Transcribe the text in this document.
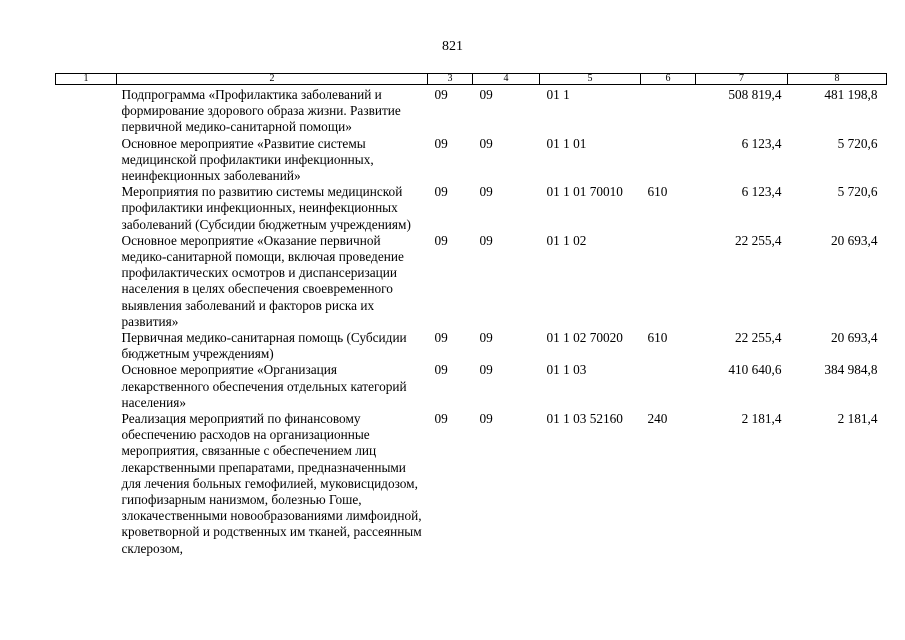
821
1	2	3	4	5	6	7	8
	Подпрограмма «Профилактика заболеваний и формирование здорового образа жизни. Развитие первичной медико-санитарной помощи»	09	09	01 1		508 819,4	481 198,8
	Основное мероприятие «Развитие системы медицинской профилактики инфекционных, неинфекционных заболеваний»	09	09	01 1 01		6 123,4	5 720,6
	Мероприятия по развитию системы медицинской профилактики инфекционных, неинфекционных заболеваний (Субсидии бюджетным учреждениям)	09	09	01 1 01 70010	610	6 123,4	5 720,6
	Основное мероприятие «Оказание первичной медико-санитарной помощи, включая проведение профилактических осмотров и диспансеризации населения в целях обеспечения своевременного выявления заболеваний и факторов риска их развития»	09	09	01 1 02		22 255,4	20 693,4
	Первичная медико-санитарная помощь (Субсидии бюджетным учреждениям)	09	09	01 1 02 70020	610	22 255,4	20 693,4
	Основное мероприятие «Организация лекарственного обеспечения отдельных категорий населения»	09	09	01 1 03		410 640,6	384 984,8
	Реализация мероприятий по финансовому обеспечению расходов на организационные мероприятия, связанные с обеспечением лиц лекарственными препаратами, предназначенными для лечения больных гемофилией, муковисцидозом, гипофизарным нанизмом, болезнью Гоше, злокачественными новообразованиями лимфоидной, кроветворной и родственных им тканей, рассеянным склерозом,	09	09	01 1 03 52160	240	2 181,4	2 181,4
